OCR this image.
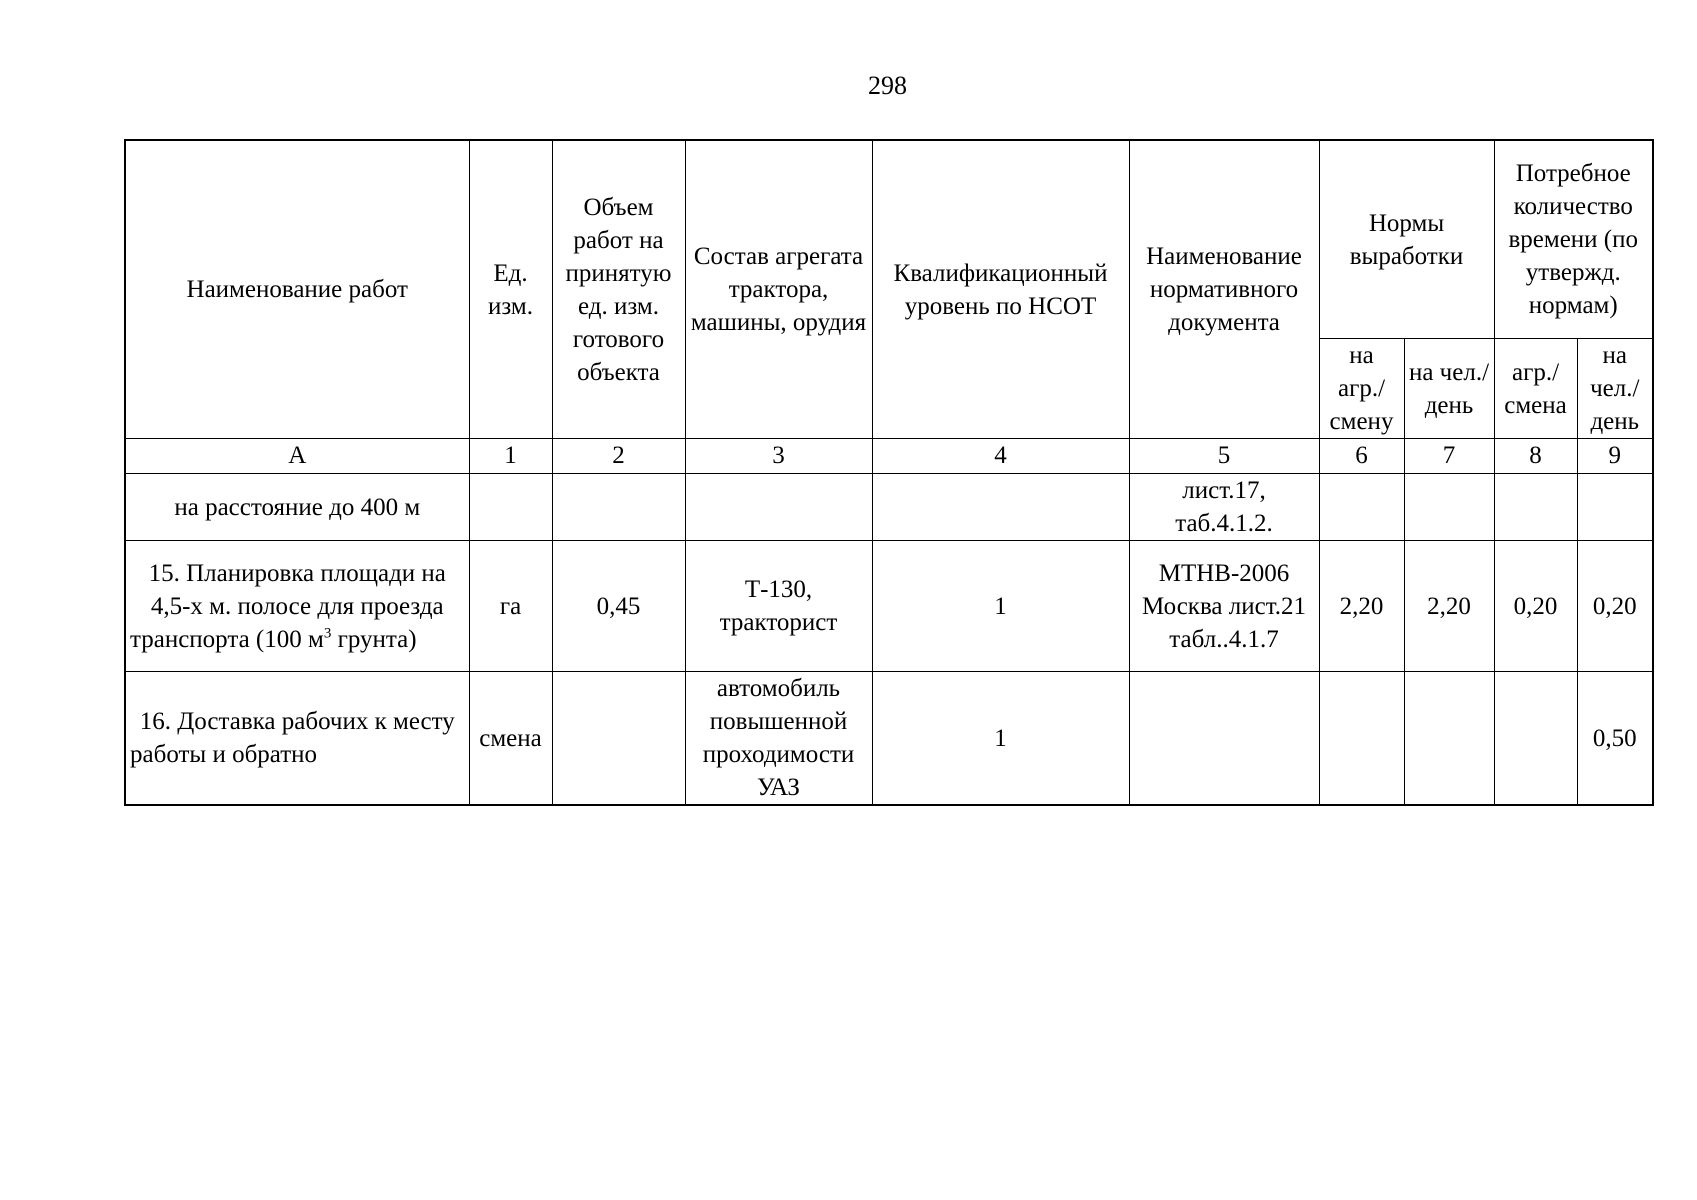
298
Наименование работ	Ед. изм.	Объем работ на принятую ед. изм. готового объекта	Состав агрегата трактора, машины, орудия	Квалификационный уровень по НСОТ	Наименование нормативного документа	Нормы выработки		Потребное количество времени (по утвержд. нормам)	
						на агр./ смену	на чел./ день	агр./ смена	на чел./ день
А	1	2	3	4	5	6	7	8	9
на расстояние до 400 м					лист.17, таб.4.1.2.				
15. Планировка площади на 4,5-х м. полосе для проезда транспорта (100 $м^3$ грунта)	га	0,45	Т-130, тракторист	1	МТНВ-2006 Москва лист.21 табл..4.1.7	2,20	2,20	0,20	0,20
16. Доставка рабочих к месту работы и обратно	смена		автомобиль повышенной проходимости УАЗ	1					0,50
